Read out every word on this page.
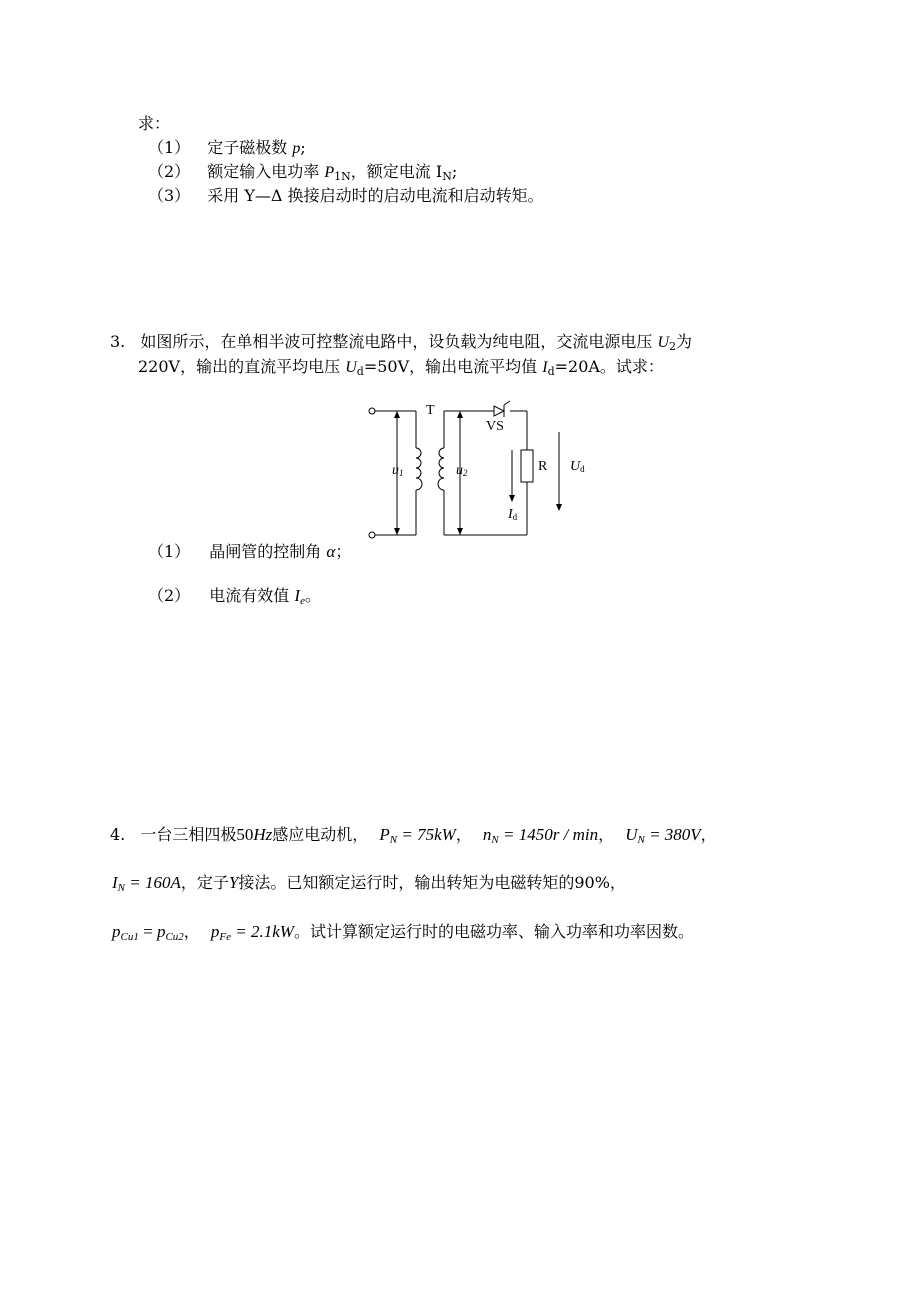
求：
（1） 定子磁极数 p;
（2） 额定输入电功率 $P_{1N}$，额定电流 $I_N$;
（3） 采用 Y—Δ 换接启动时的启动电流和启动转矩。
3. 如图所示，在单相半波可控整流电路中，设负载为纯电阻，交流电源电压 $U_2$为
220V，输出的直流平均电压 $U_d=50V$，输出电流平均值 $I_d=20A$。试求：
T
VS
R
u1	u2	Ud
Id
（1） 晶闸管的控制角 α；
（2） 电流有效值 $I_e$。
4. 一台三相四极50Hz感应电动机， $P_N = 75kW$， $n_N = 1450r / \min$， $U_N = 380V$，
$I_N = 160A$，定子Y接法。已知额定运行时，输出转矩为电磁转矩的90%，
$p_{Cu1} = p_{Cu2}$， $p_{Fe} = 2.1kW$。试计算额定运行时的电磁功率、输入功率和功率因数。
